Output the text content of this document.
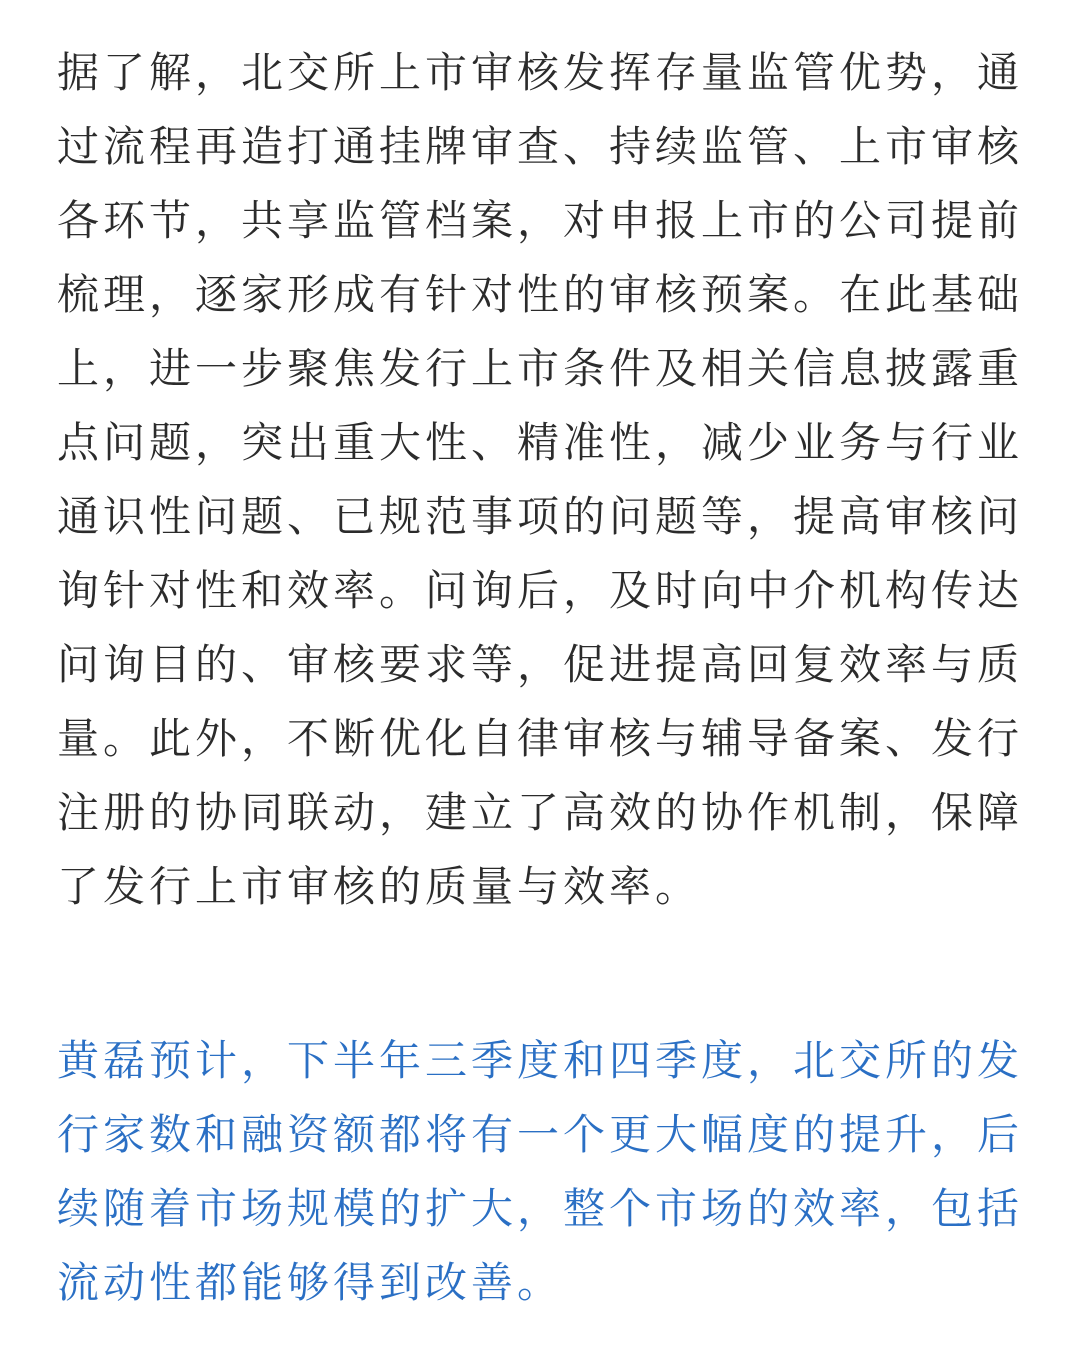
据了解，北交所上市审核发挥存量监管优势，通过流程再造打通挂牌审查、持续监管、上市审核各环节，共享监管档案，对申报上市的公司提前梳理，逐家形成有针对性的审核预案。在此基础上，进一步聚焦发行上市条件及相关信息披露重点问题，突出重大性、精准性，减少业务与行业通识性问题、已规范事项的问题等，提高审核问询针对性和效率。问询后，及时向中介机构传达问询目的、审核要求等，促进提高回复效率与质量。此外，不断优化自律审核与辅导备案、发行注册的协同联动，建立了高效的协作机制，保障了发行上市审核的质量与效率。

黄磊预计，下半年三季度和四季度，北交所的发行家数和融资额都将有一个更大幅度的提升，后续随着市场规模的扩大，整个市场的效率，包括流动性都能够得到改善。
